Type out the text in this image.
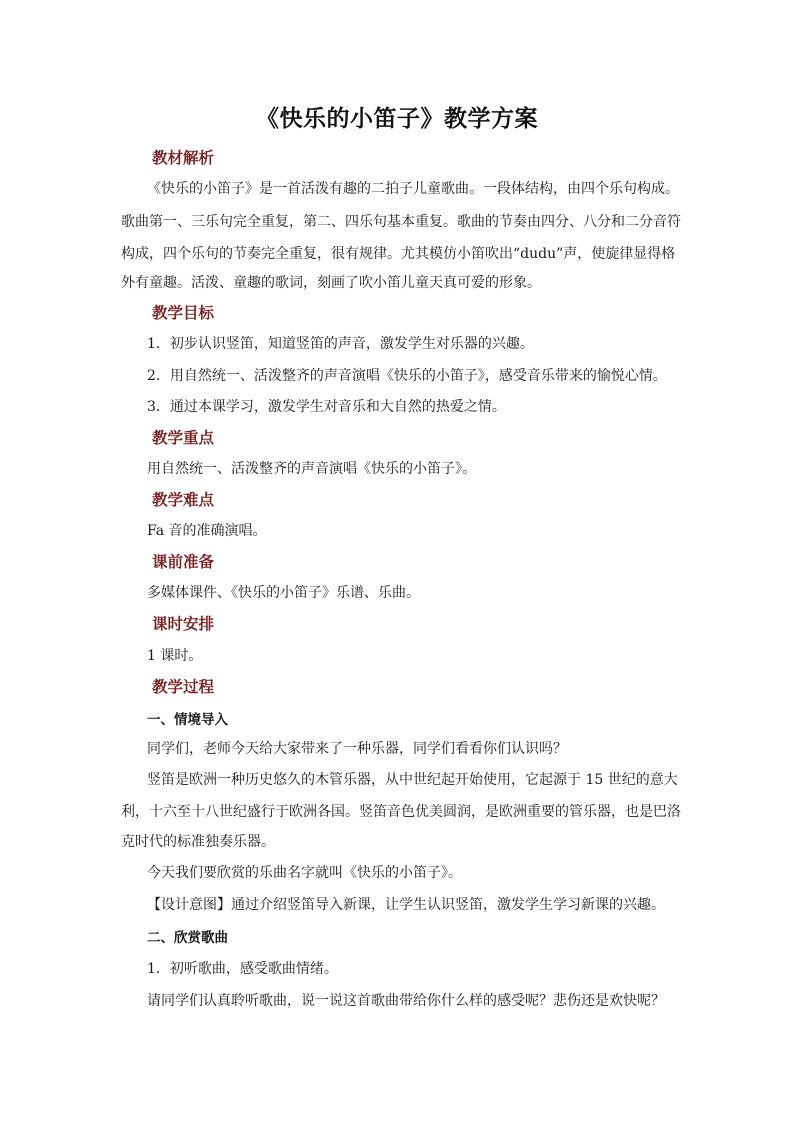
《快乐的小笛子》教学方案
教材解析
《快乐的小笛子》是一首活泼有趣的二拍子儿童歌曲。一段体结构，由四个乐句构成。
歌曲第一、三乐句完全重复，第二、四乐句基本重复。歌曲的节奏由四分、八分和二分音符
构成，四个乐句的节奏完全重复，很有规律。尤其模仿小笛吹出“dudu”声，使旋律显得格
外有童趣。活泼、童趣的歌词，刻画了吹小笛儿童天真可爱的形象。
教学目标
1．初步认识竖笛，知道竖笛的声音，激发学生对乐器的兴趣。
2．用自然统一、活泼整齐的声音演唱《快乐的小笛子》，感受音乐带来的愉悦心情。
3．通过本课学习，激发学生对音乐和大自然的热爱之情。
教学重点
用自然统一、活泼整齐的声音演唱《快乐的小笛子》。
教学难点
Fa 音的准确演唱。
课前准备
多媒体课件、《快乐的小笛子》乐谱、乐曲。
课时安排
1 课时。
教学过程
一、情境导入
同学们，老师今天给大家带来了一种乐器，同学们看看你们认识吗？
竖笛是欧洲一种历史悠久的木管乐器，从中世纪起开始使用，它起源于 15 世纪的意大
利，十六至十八世纪盛行于欧洲各国。竖笛音色优美圆润，是欧洲重要的管乐器，也是巴洛
克时代的标准独奏乐器。
今天我们要欣赏的乐曲名字就叫《快乐的小笛子》。
【设计意图】通过介绍竖笛导入新课，让学生认识竖笛，激发学生学习新课的兴趣。
二、欣赏歌曲
1．初听歌曲，感受歌曲情绪。
请同学们认真聆听歌曲，说一说这首歌曲带给你什么样的感受呢？悲伤还是欢快呢？
